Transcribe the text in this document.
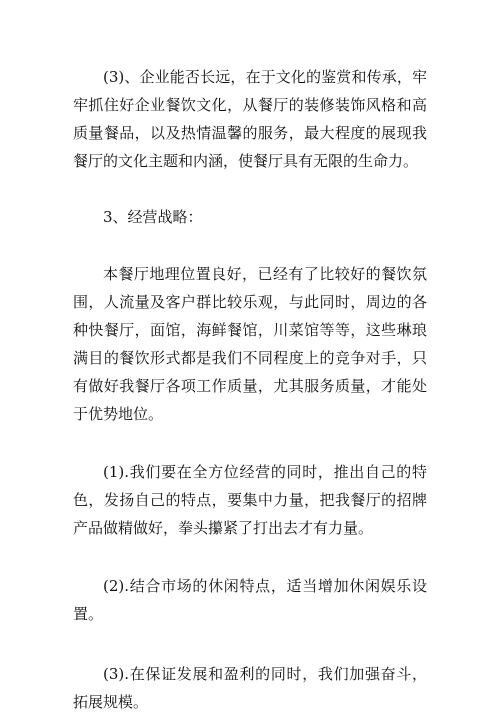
(3)、企业能否长远，在于文化的鉴赏和传承，牢牢抓住好企业餐饮文化，从餐厅的装修装饰风格和高质量餐品，以及热情温馨的服务，最大程度的展现我餐厅的文化主题和内涵，使餐厅具有无限的生命力。

3、经营战略：

本餐厅地理位置良好，已经有了比较好的餐饮氛围，人流量及客户群比较乐观，与此同时，周边的各种快餐厅，面馆，海鲜餐馆，川菜馆等等，这些琳琅满目的餐饮形式都是我们不同程度上的竞争对手，只有做好我餐厅各项工作质量，尤其服务质量，才能处于优势地位。

(1).我们要在全方位经营的同时，推出自己的特色，发扬自己的特点，要集中力量，把我餐厅的招牌产品做精做好，拳头攥紧了打出去才有力量。

(2).结合市场的休闲特点，适当增加休闲娱乐设置。

(3).在保证发展和盈利的同时，我们加强奋斗，拓展规模。
